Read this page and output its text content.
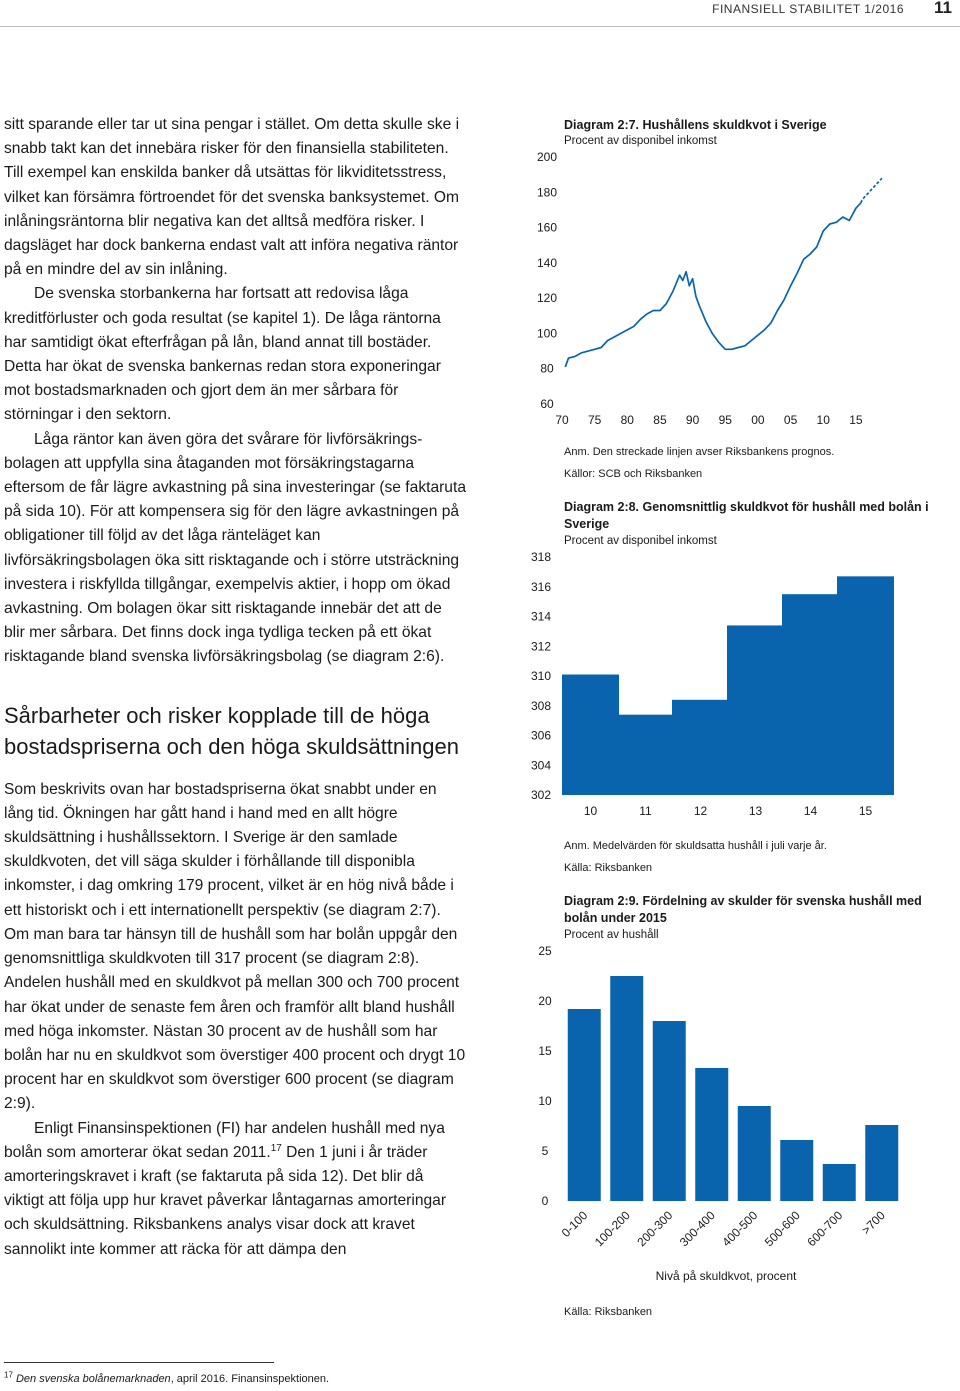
FINANSIELL STABILITET 1/2016 11

sitt sparande eller tar ut sina pengar i stället. Om detta skulle ske i snabb takt kan det innebära risker för den finansiella stabiliteten. Till exempel kan enskilda banker då utsättas för likviditetsstress, vilket kan försämra förtroendet för det svenska banksystemet. Om inlåningsräntorna blir negativa kan det alltså medföra risker. I dagsläget har dock bankerna endast valt att införa negativa räntor på en mindre del av sin inlåning.

De svenska storbankerna har fortsatt att redovisa låga kreditförluster och goda resultat (se kapitel 1). De låga räntorna har samtidigt ökat efterfrågan på lån, bland annat till bostäder. Detta har ökat de svenska bankernas redan stora exponeringar mot bostadsmarknaden och gjort dem än mer sårbara för störningar i den sektorn.

Låga räntor kan även göra det svårare för livförsäkringsbolagen att uppfylla sina åtaganden mot försäkringstagarna eftersom de får lägre avkastning på sina investeringar (se faktaruta på sida 10). För att kompensera sig för den lägre avkastningen på obligationer till följd av det låga ränteläget kan livförsäkringsbolagen öka sitt risktagande och i större utsträckning investera i riskfyllda tillgångar, exempelvis aktier, i hopp om ökad avkastning. Om bolagen ökar sitt risktagande innebär det att de blir mer sårbara. Det finns dock inga tydliga tecken på ett ökat risktagande bland svenska livförsäkringsbolag (se diagram 2:6).

Sårbarheter och risker kopplade till de höga bostadspriserna och den höga skuldsättningen

Som beskrivits ovan har bostadspriserna ökat snabbt under en lång tid. Ökningen har gått hand i hand med en allt högre skuldsättning i hushållssektorn. I Sverige är den samlade skuldkvoten, det vill säga skulder i förhållande till disponibla inkomster, i dag omkring 179 procent, vilket är en hög nivå både i ett historiskt och i ett internationellt perspektiv (se diagram 2:7). Om man bara tar hänsyn till de hushåll som har bolån uppgår den genomsnittliga skuldkvoten till 317 procent (se diagram 2:8). Andelen hushåll med en skuldkvot på mellan 300 och 700 procent har ökat under de senaste fem åren och framför allt bland hushåll med höga inkomster. Nästan 30 procent av de hushåll som har bolån har nu en skuldkvot som överstiger 400 procent och drygt 10 procent har en skuldkvot som överstiger 600 procent (se diagram 2:9).

Enligt Finansinspektionen (FI) har andelen hushåll med nya bolån som amorterar ökat sedan 2011.17 Den 1 juni i år träder amorteringskravet i kraft (se faktaruta på sida 12). Det blir då viktigt att följa upp hur kravet påverkar låntagarnas amorteringar och skuldsättning. Riksbankens analys visar dock att kravet sannolikt inte kommer att räcka för att dämpa den

$^{17}$ Den svenska bolånemarknaden, april 2016. Finansinspektionen.
Diagram 2:7. Hushållens skuldkvot i Sverige
Procent av disponibel inkomst
Anm. Den streckade linjen avser Riksbankens prognos.
Källor: SCB och Riksbanken
Diagram 2:8. Genomsnittlig skuldkvot för hushåll med bolån i Sverige
Procent av disponibel inkomst
Anm. Medelvärden för skuldsatta hushåll i juli varje år.
Källa: Riksbanken
Diagram 2:9. Fördelning av skulder för svenska hushåll med bolån under 2015
Procent av hushåll
Källa: Riksbanken
60
80
100
120
140
160
180
200
70 75 80 85 90 95 00 05 10 15
302
304
306
308
310
312
314
316
318
10	11	12	13	14	15
0
5
10
15
20
25
0-100 100-200 200-300 300-400 400-500 500-600 600-700 >700
Nivå på skuldkvot, procent
